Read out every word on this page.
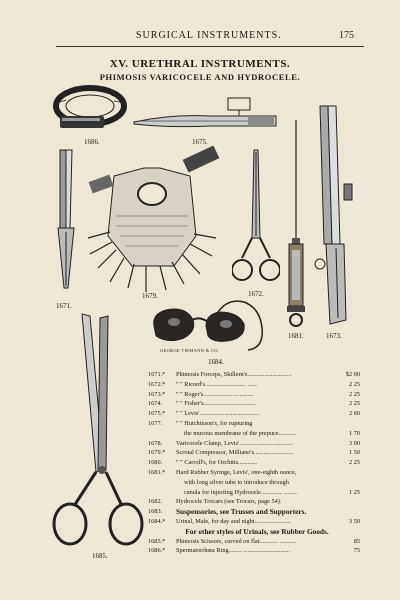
SURGICAL INSTRUMENTS.	175
XV. URETHRAL INSTRUMENTS.
PHIMOSIS VARICOCELE AND HYDROCELE.
1686.	1675.
1671.
1679.	1672.
1681.	1673.
GEORGE TIEMANN & CO.
1684.
1685.
1671.*	Phimosis Forceps, Skillern's............................	$2 00
1672.*	" " Ricord's.......................... ......	2 25
1673.*	" " Roger's.................. .............	2 25
1674.	" " Fisher's.................................	2 25
1675.*	" " Levis'......................................	2 60
1677.	" " Hutchinson's, for rupturing
the mucous membrane of the prepuce...........	1 70
1678.	Varicocele Clamp, Levis'..................................	3 00
1679.*	Scrotal Compressor, Milliano's.........................	1 50
1680.	" " Carroll's, for Orchitis............	2 25
1681.*	Hard Rubber Syringe, Levis', one-eighth ounce,
with long silver tube to introduce through
canula for injecting Hydrocele.............. ........	1 25
1682.	Hydrocele Trocars (see Trocars, page 54).
1683.	Suspensories, see Trusses and Supporters.
1684.*	Urinal, Male, for day and night.......................	3 50
For other styles of Urinals, see Rubber Goods.
1685.*	Phimosis Scissors, curved on flat............ ..........	85
1686.*	Spermatorrhœa Ring........ ..............................	75
